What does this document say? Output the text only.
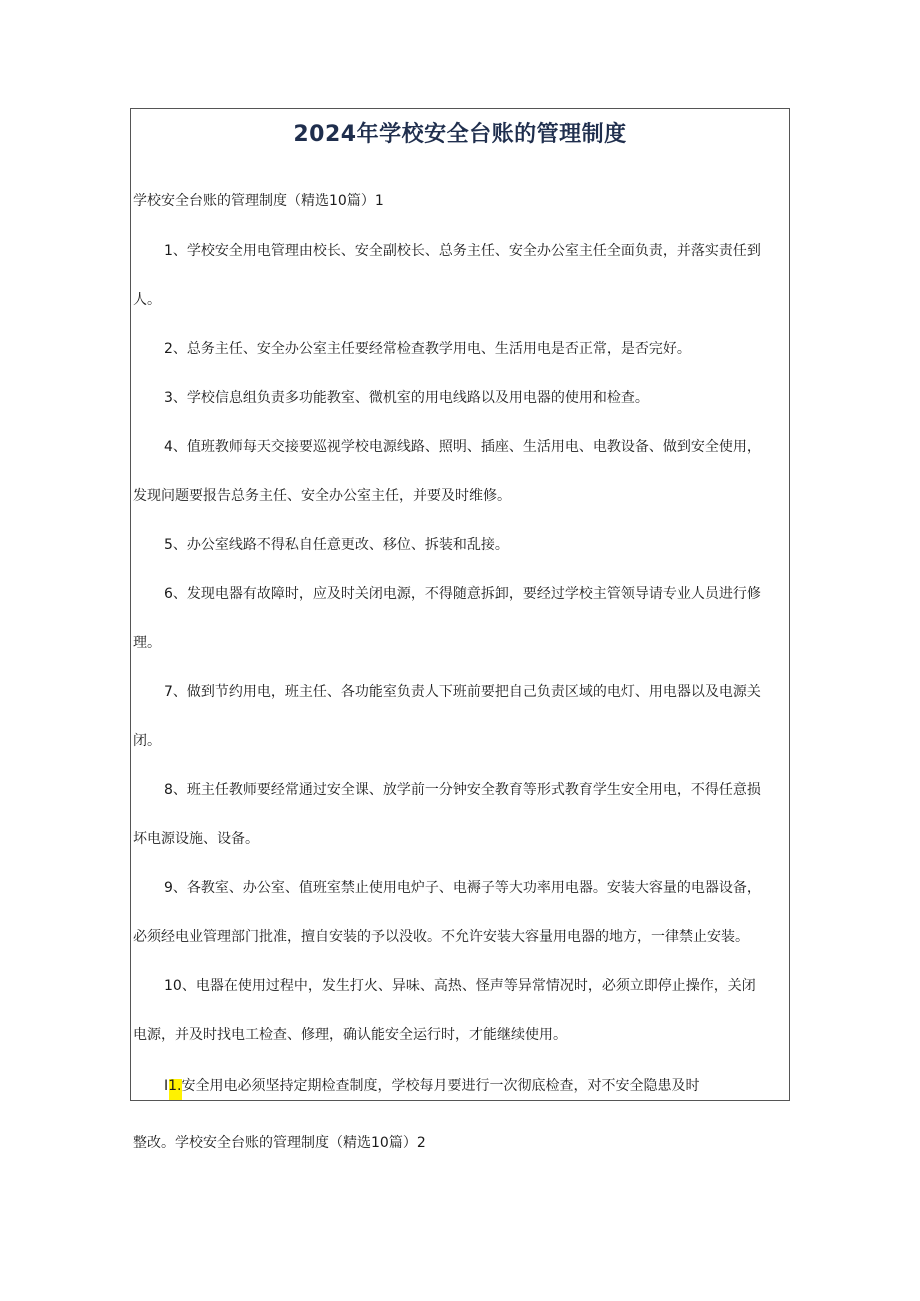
2024年学校安全台账的管理制度
学校安全台账的管理制度（精选10篇）1
1、学校安全用电管理由校长、安全副校长、总务主任、安全办公室主任全面负责，并落实责任到
人。
2、总务主任、安全办公室主任要经常检查教学用电、生活用电是否正常，是否完好。
3、学校信息组负责多功能教室、微机室的用电线路以及用电器的使用和检查。
4、值班教师每天交接要巡视学校电源线路、照明、插座、生活用电、电教设备、做到安全使用，
发现问题要报告总务主任、安全办公室主任，并要及时维修。
5、办公室线路不得私自任意更改、移位、拆装和乱接。
6、发现电器有故障时，应及时关闭电源，不得随意拆卸，要经过学校主管领导请专业人员进行修
理。
7、做到节约用电，班主任、各功能室负责人下班前要把自己负责区域的电灯、用电器以及电源关
闭。
8、班主任教师要经常通过安全课、放学前一分钟安全教育等形式教育学生安全用电，不得任意损
坏电源设施、设备。
9、各教室、办公室、值班室禁止使用电炉子、电褥子等大功率用电器。安装大容量的电器设备，
必须经电业管理部门批准，擅自安装的予以没收。不允许安装大容量用电器的地方，一律禁止安装。
10、电器在使用过程中，发生打火、异味、高热、怪声等异常情况时，必须立即停止操作，关闭
电源，并及时找电工检查、修理，确认能安全运行时，才能继续使用。
I1.安全用电必须坚持定期检查制度，学校每月要进行一次彻底检查，对不安全隐患及时
整改。学校安全台账的管理制度（精选10篇）2
